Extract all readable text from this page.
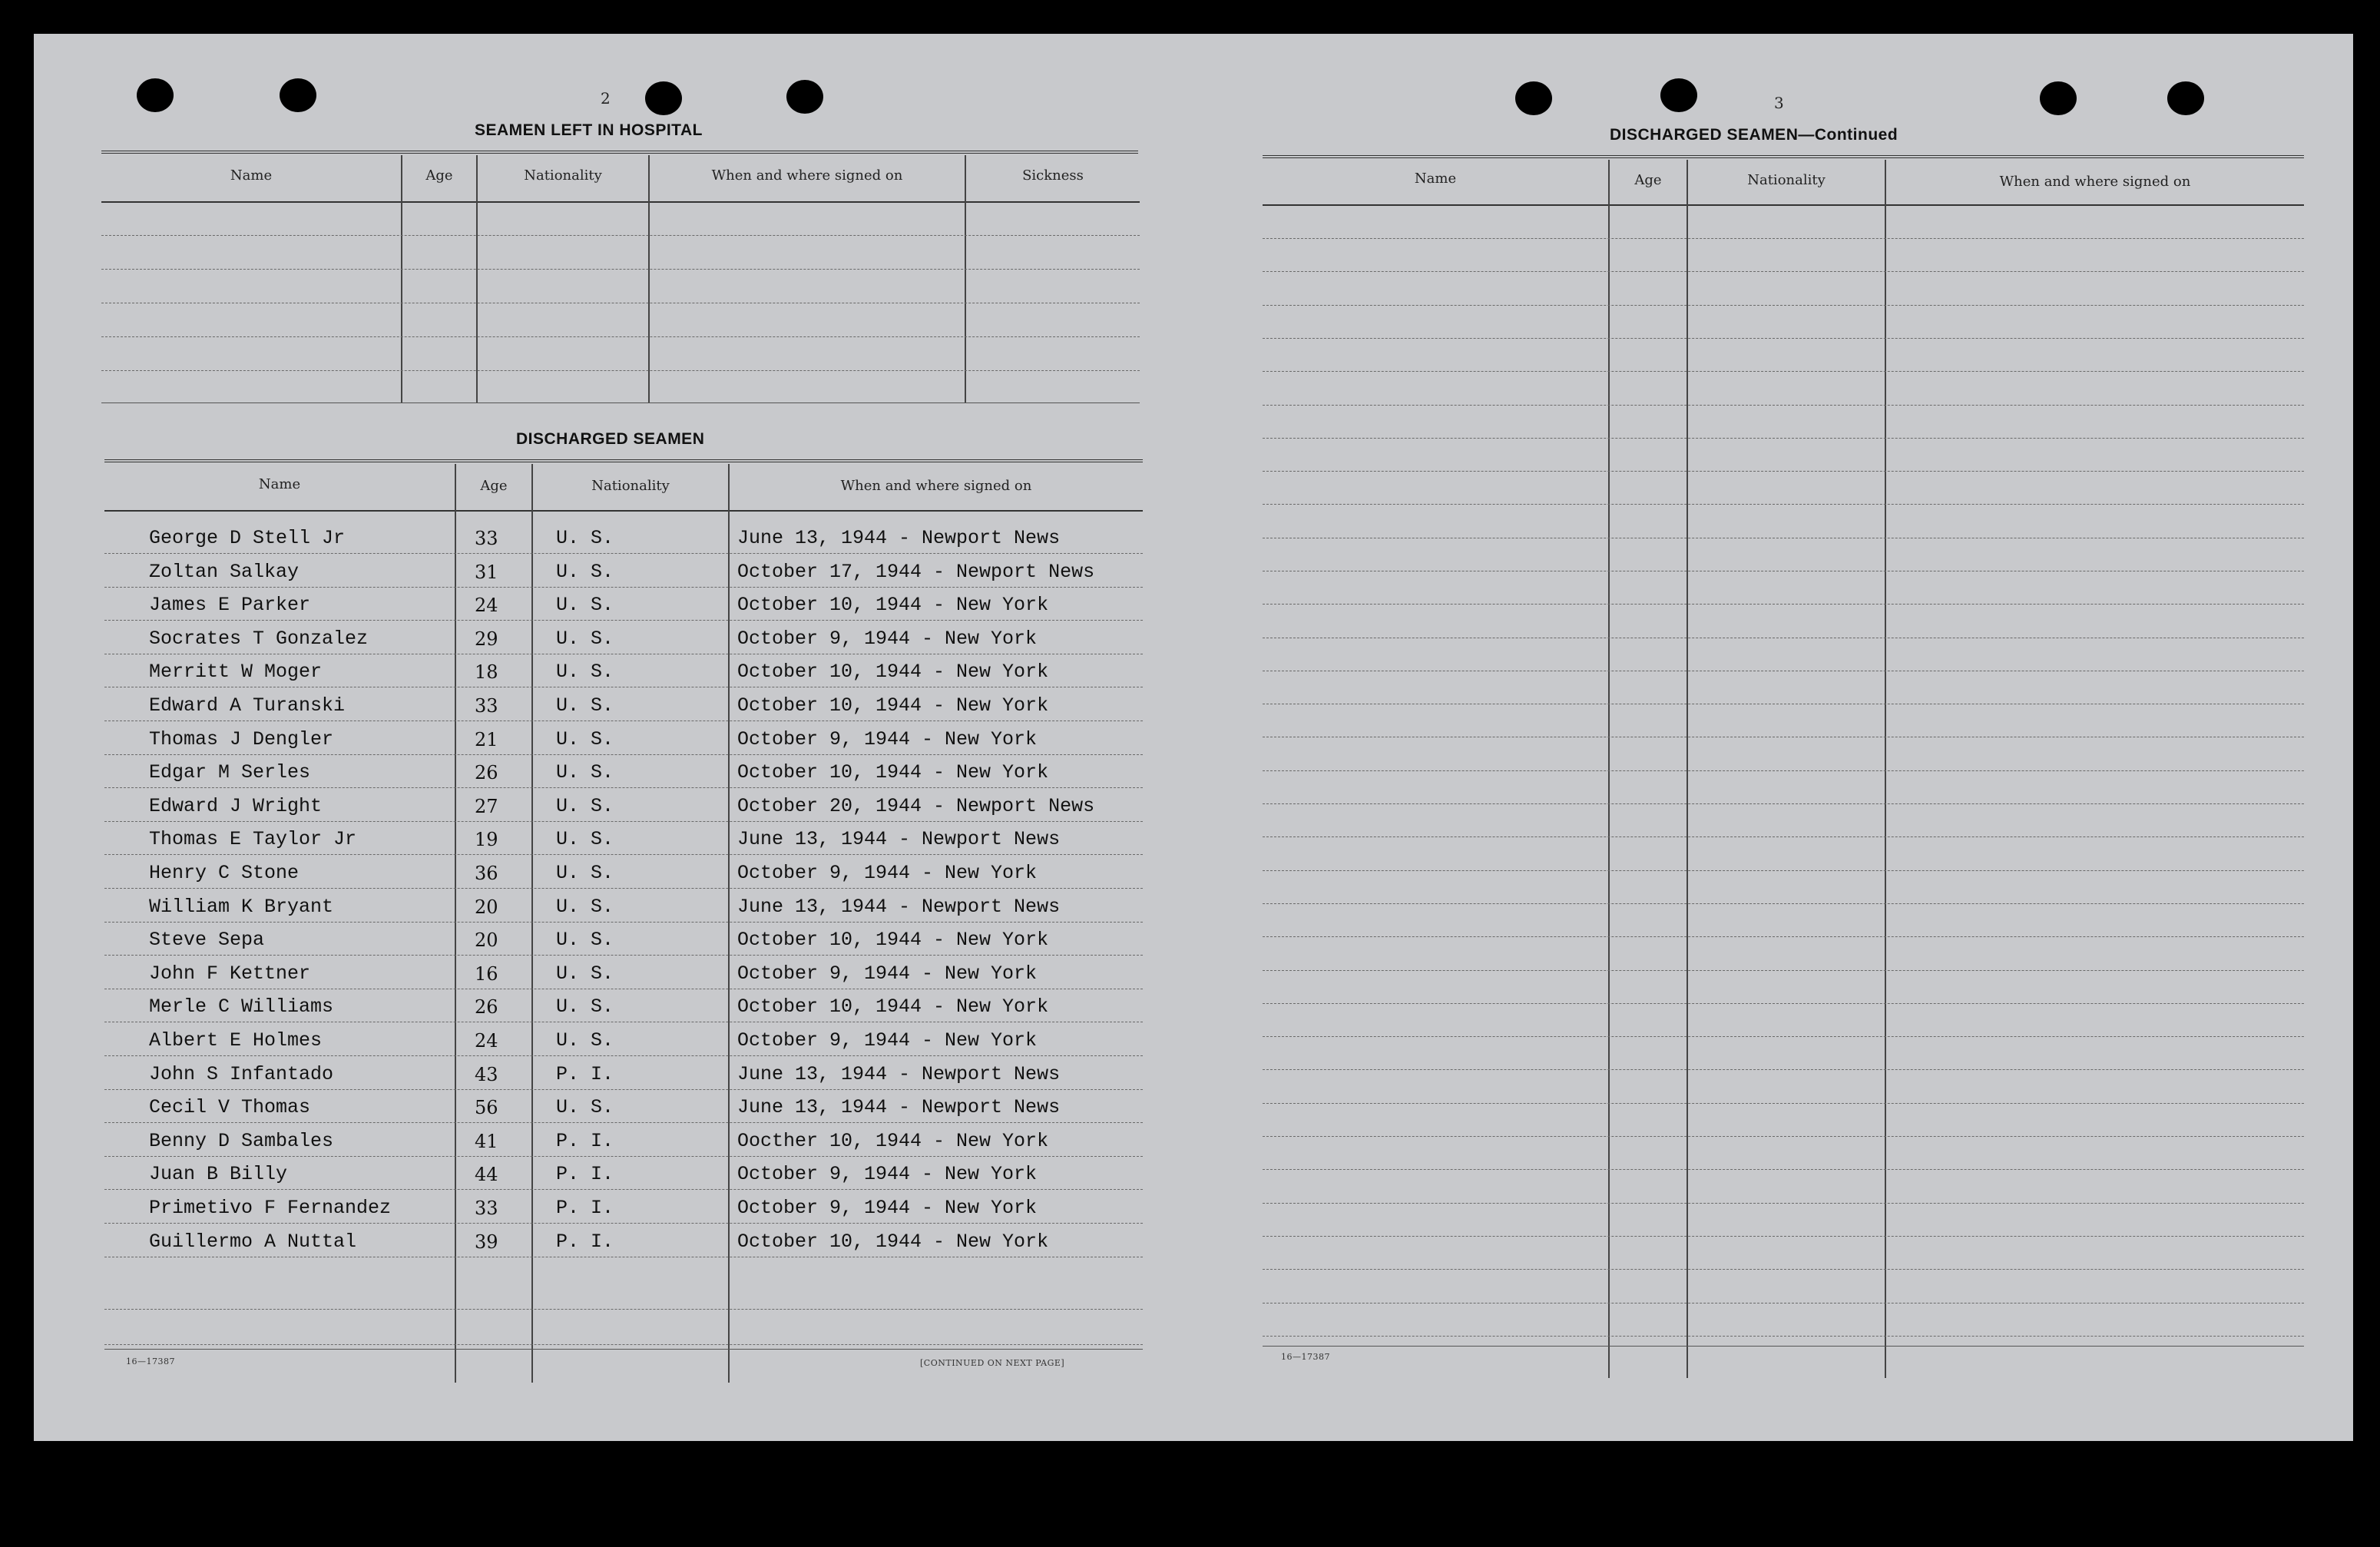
2
SEAMEN LEFT IN HOSPITAL
Name	Age	Nationality	When and where signed on	Sickness
DISCHARGED SEAMEN
Name	Age	Nationality	When and where signed on
George D Stell Jr	33	U. S.	June 13, 1944 - Newport News
Zoltan Salkay	31	U. S.	October 17, 1944 - Newport News
James E Parker	24	U. S.	October 10, 1944 - New York
Socrates T Gonzalez	29	U. S.	October 9, 1944 - New York
Merritt W Moger	18	U. S.	October 10, 1944 - New York
Edward A Turanski	33	U. S.	October 10, 1944 - New York
Thomas J Dengler	21	U. S.	October 9, 1944 - New York
Edgar M Serles	26	U. S.	October 10, 1944 - New York
Edward J Wright	27	U. S.	October 20, 1944 - Newport News
Thomas E Taylor Jr	19	U. S.	June 13, 1944 - Newport News
Henry C Stone	36	U. S.	October 9, 1944 - New York
William K Bryant	20	U. S.	June 13, 1944 - Newport News
Steve Sepa	20	U. S.	October 10, 1944 - New York
John F Kettner	16	U. S.	October 9, 1944 - New York
Merle C Williams	26	U. S.	October 10, 1944 - New York
Albert E Holmes	24	U. S.	October 9, 1944 - New York
John S Infantado	43	P. I.	June 13, 1944 - Newport News
Cecil V Thomas	56	U. S.	June 13, 1944 - Newport News
Benny D Sambales	41	P. I.	Oocther 10, 1944 - New York
Juan B Billy	44	P. I.	October 9, 1944 - New York
Primetivo F Fernandez	33	P. I.	October 9, 1944 - New York
Guillermo A Nuttal	39	P. I.	October 10, 1944 - New York
16—17387	[CONTINUED ON NEXT PAGE]
3
DISCHARGED SEAMEN—Continued
Name	Age	Nationality	When and where signed on
16—17387
